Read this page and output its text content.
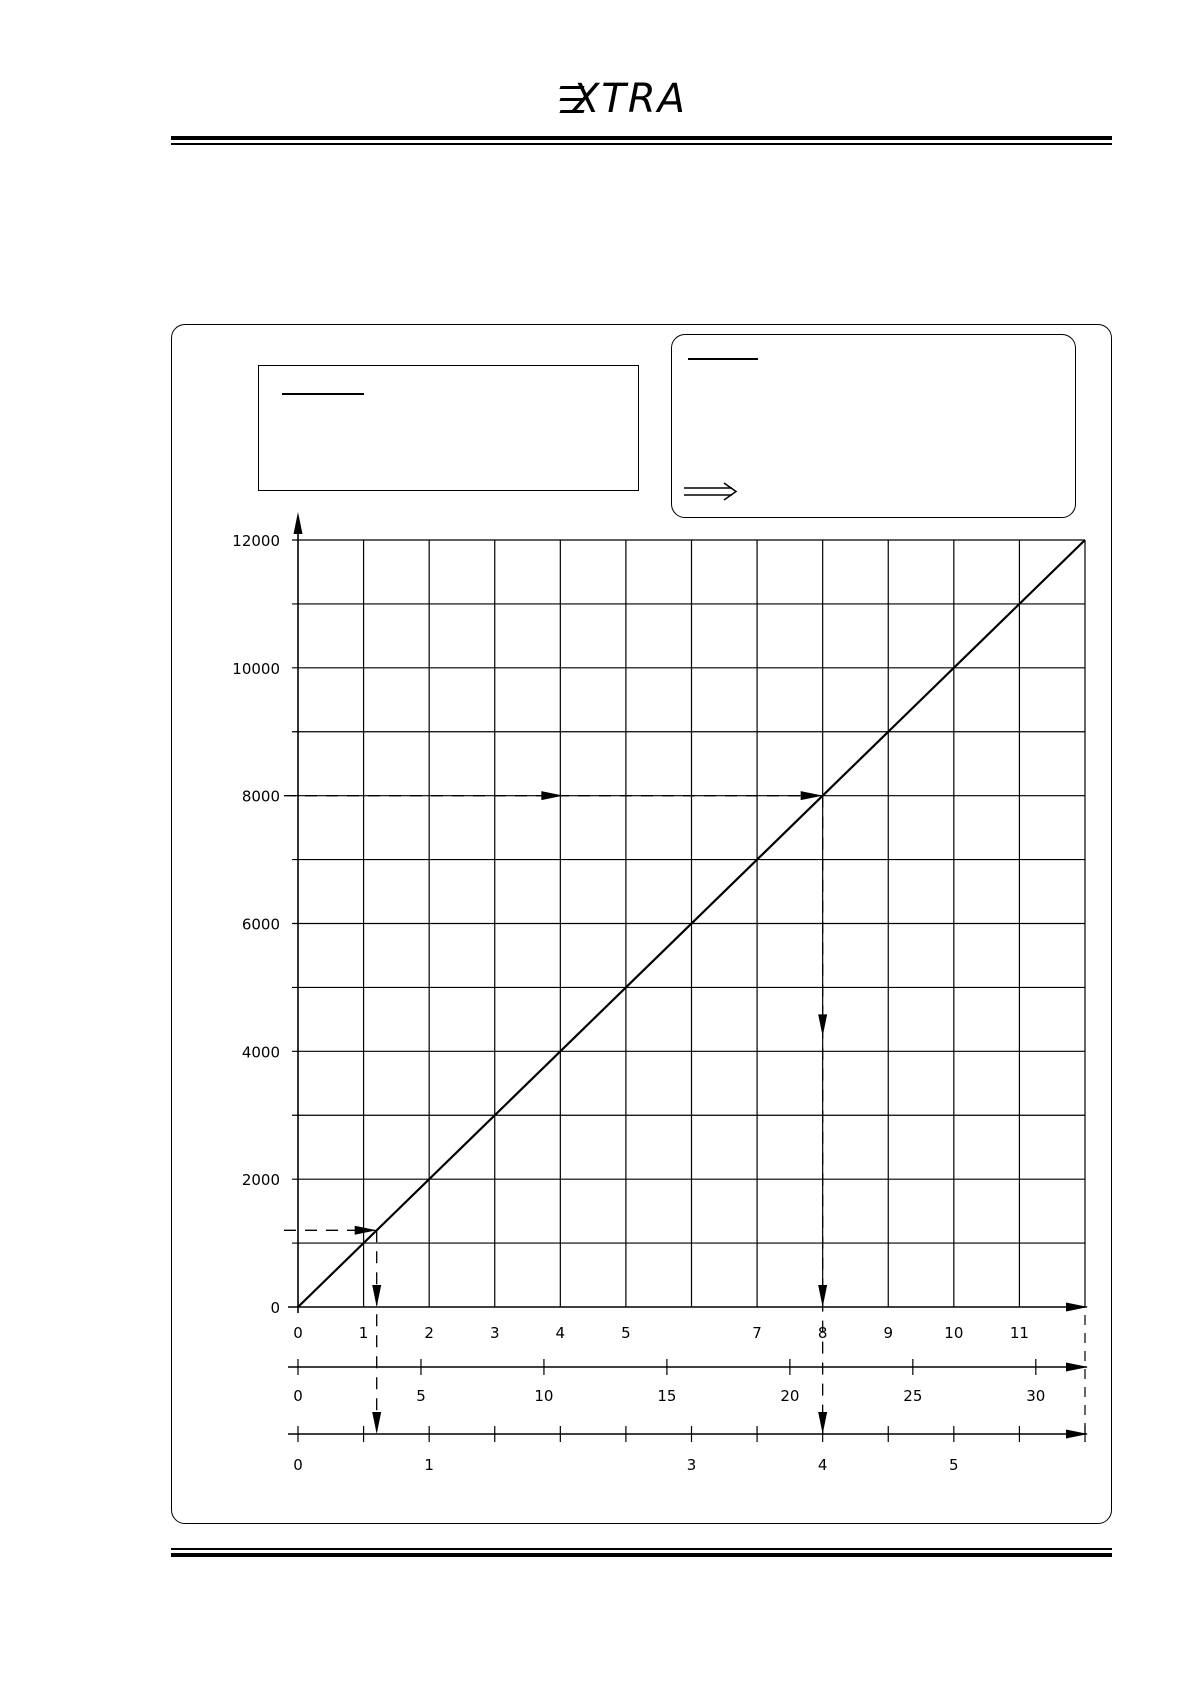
XTRA
0
2000
4000
6000
8000
10000
12000
0	1	2	3	4	5	7	8	9	10	11
0	5	10	15	20	25	30
0	1	3	4	5
